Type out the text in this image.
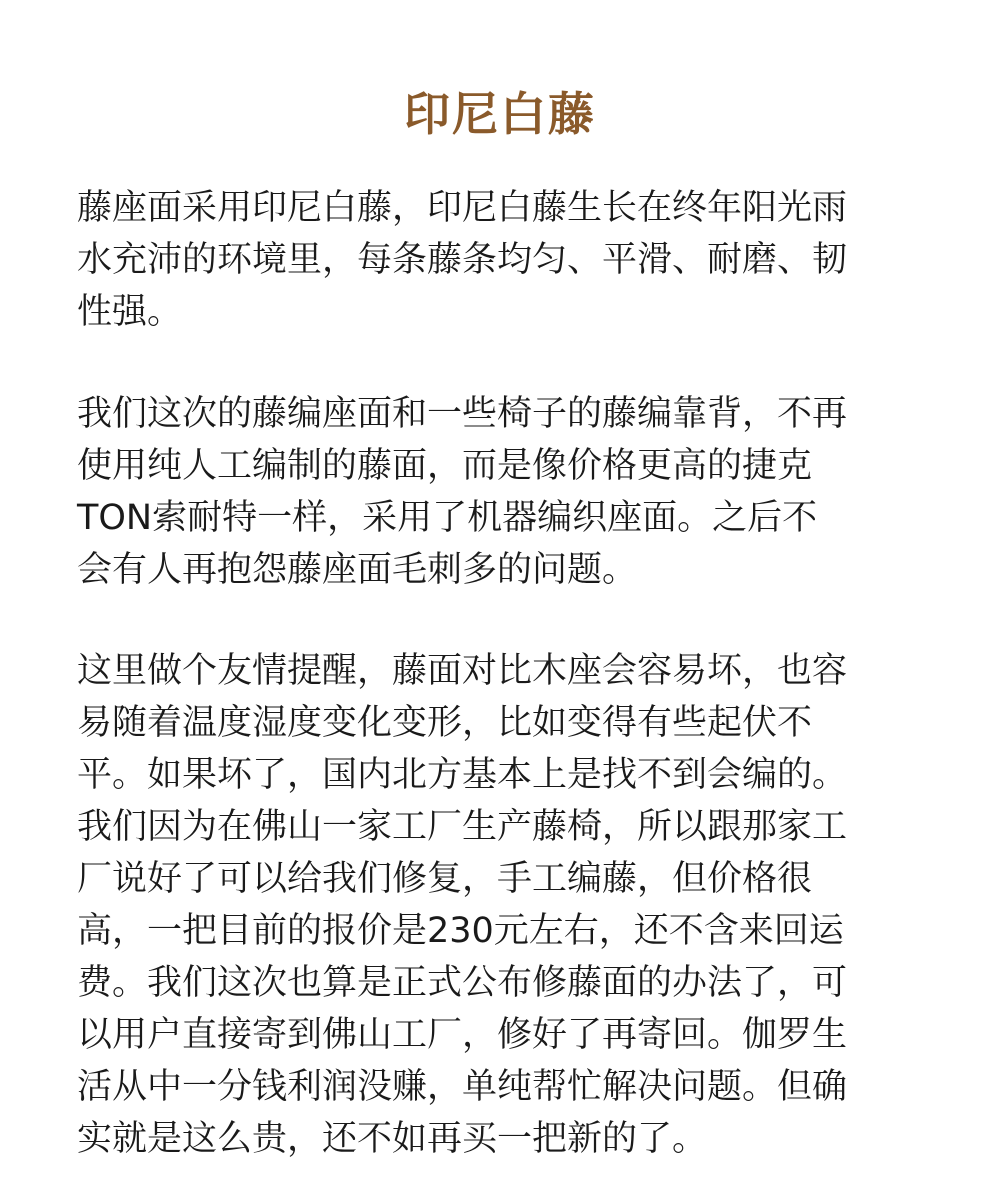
印尼白藤
藤座面采用印尼白藤，印尼白藤生长在终年阳光雨
水充沛的环境里，每条藤条均匀、平滑、耐磨、韧
性强。
我们这次的藤编座面和一些椅子的藤编靠背，不再
使用纯人工编制的藤面，而是像价格更高的捷克
TON索耐特一样，采用了机器编织座面。之后不
会有人再抱怨藤座面毛刺多的问题。
这里做个友情提醒，藤面对比木座会容易坏，也容
易随着温度湿度变化变形，比如变得有些起伏不
平。如果坏了，国内北方基本上是找不到会编的。
我们因为在佛山一家工厂生产藤椅，所以跟那家工
厂说好了可以给我们修复，手工编藤，但价格很
高，一把目前的报价是230元左右，还不含来回运
费。我们这次也算是正式公布修藤面的办法了，可
以用户直接寄到佛山工厂，修好了再寄回。伽罗生
活从中一分钱利润没赚，单纯帮忙解决问题。但确
实就是这么贵，还不如再买一把新的了。
